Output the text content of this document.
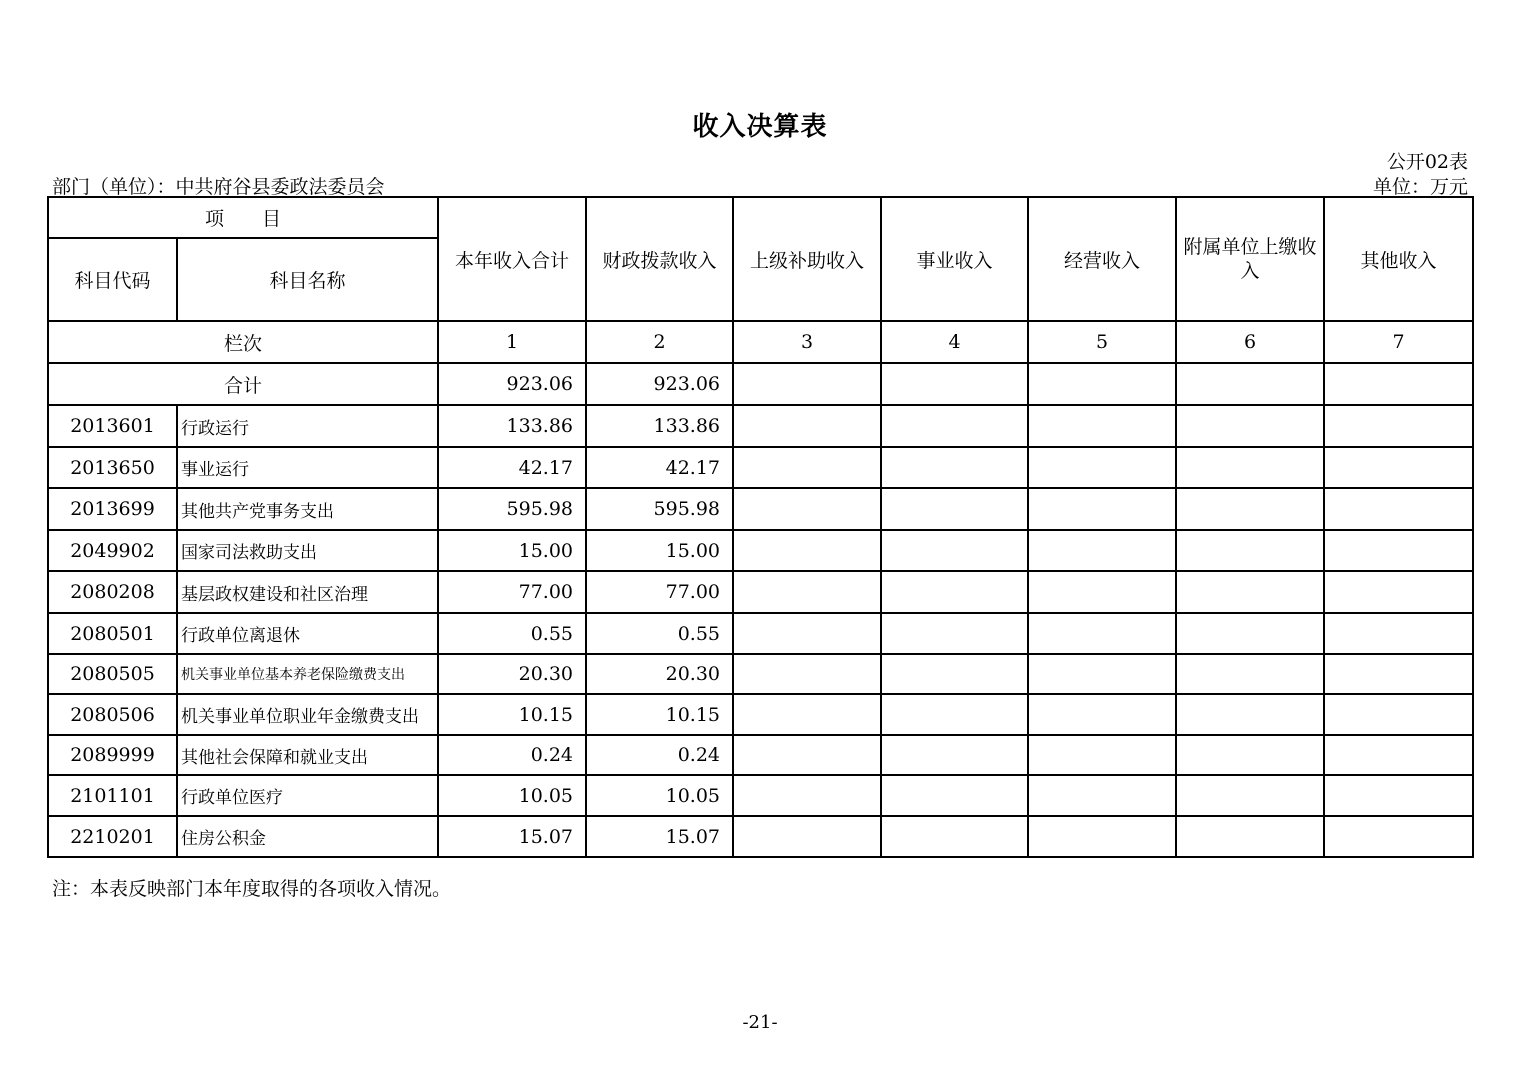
收入决算表
公开02表
部门（单位）：中共府谷县委政法委员会	单位：万元
项　　目		本年收入合计	财政拨款收入	上级补助收入	事业收入	经营收入	附属单位上缴收入	其他收入
科目代码	科目名称							
栏次		1	2	3	4	5	6	7
合计		923.06	923.06					
2013601	行政运行	133.86	133.86					
2013650	事业运行	42.17	42.17					
2013699	其他共产党事务支出	595.98	595.98					
2049902	国家司法救助支出	15.00	15.00					
2080208	基层政权建设和社区治理	77.00	77.00					
2080501	行政单位离退休	0.55	0.55					
2080505	机关事业单位基本养老保险缴费支出	20.30	20.30					
2080506	机关事业单位职业年金缴费支出	10.15	10.15					
2089999	其他社会保障和就业支出	0.24	0.24					
2101101	行政单位医疗	10.05	10.05					
2210201	住房公积金	15.07	15.07					
注：本表反映部门本年度取得的各项收入情况。
-21-
